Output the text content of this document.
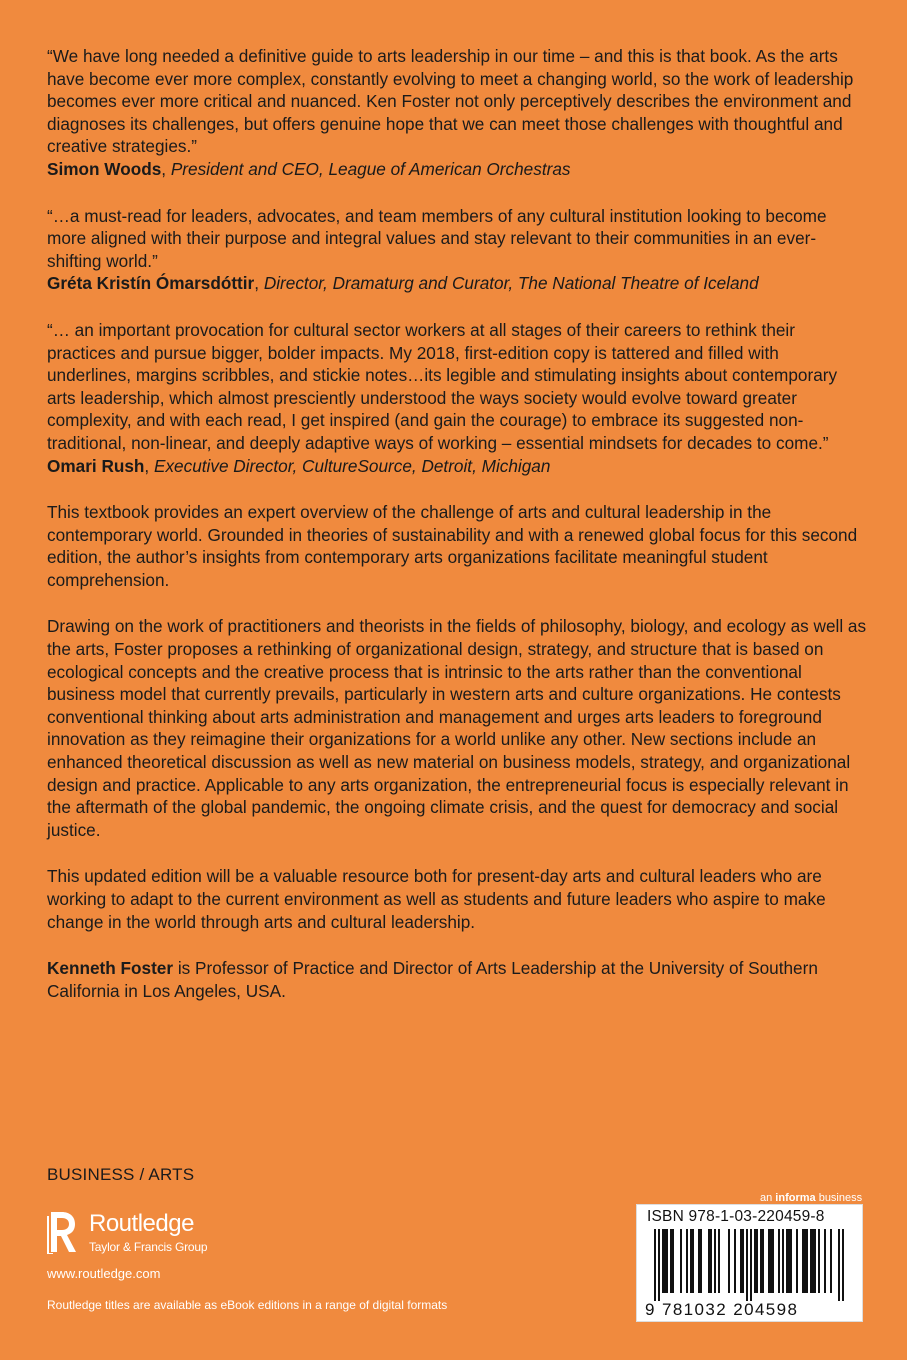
“We have long needed a definitive guide to arts leadership in our time – and this is that book. As the arts have become ever more complex, constantly evolving to meet a changing world, so the work of leadership becomes ever more critical and nuanced. Ken Foster not only perceptively describes the environment and diagnoses its challenges, but offers genuine hope that we can meet those challenges with thoughtful and creative strategies.”

Simon Woods, President and CEO, League of American Orchestras

“…a must-read for leaders, advocates, and team members of any cultural institution looking to become more aligned with their purpose and integral values and stay relevant to their communities in an ever-shifting world.”

Gréta Kristín Ómarsdóttir, Director, Dramaturg and Curator, The National Theatre of Iceland

“… an important provocation for cultural sector workers at all stages of their careers to rethink their practices and pursue bigger, bolder impacts. My 2018, first-edition copy is tattered and filled with underlines, margins scribbles, and stickie notes…its legible and stimulating insights about contemporary arts leadership, which almost presciently understood the ways society would evolve toward greater complexity, and with each read, I get inspired (and gain the courage) to embrace its suggested non-traditional, non-linear, and deeply adaptive ways of working – essential mindsets for decades to come.”

Omari Rush, Executive Director, CultureSource, Detroit, Michigan

This textbook provides an expert overview of the challenge of arts and cultural leadership in the contemporary world. Grounded in theories of sustainability and with a renewed global focus for this second edition, the author’s insights from contemporary arts organizations facilitate meaningful student comprehension.

Drawing on the work of practitioners and theorists in the fields of philosophy, biology, and ecology as well as the arts, Foster proposes a rethinking of organizational design, strategy, and structure that is based on ecological concepts and the creative process that is intrinsic to the arts rather than the conventional business model that currently prevails, particularly in western arts and culture organizations. He contests conventional thinking about arts administration and management and urges arts leaders to foreground innovation as they reimagine their organizations for a world unlike any other. New sections include an enhanced theoretical discussion as well as new material on business models, strategy, and organizational design and practice. Applicable to any arts organization, the entrepreneurial focus is especially relevant in the aftermath of the global pandemic, the ongoing climate crisis, and the quest for democracy and social justice.

This updated edition will be a valuable resource both for present-day arts and cultural leaders who are working to adapt to the current environment as well as students and future leaders who aspire to make change in the world through arts and cultural leadership.

Kenneth Foster is Professor of Practice and Director of Arts Leadership at the University of Southern California in Los Angeles, USA.

BUSINESS / ARTS
Routledge
Taylor & Francis Group
www.routledge.com
Routledge titles are available as eBook editions in a range of digital formats
an informa business
ISBN 978-1-03-220459-8
9 781032 204598
